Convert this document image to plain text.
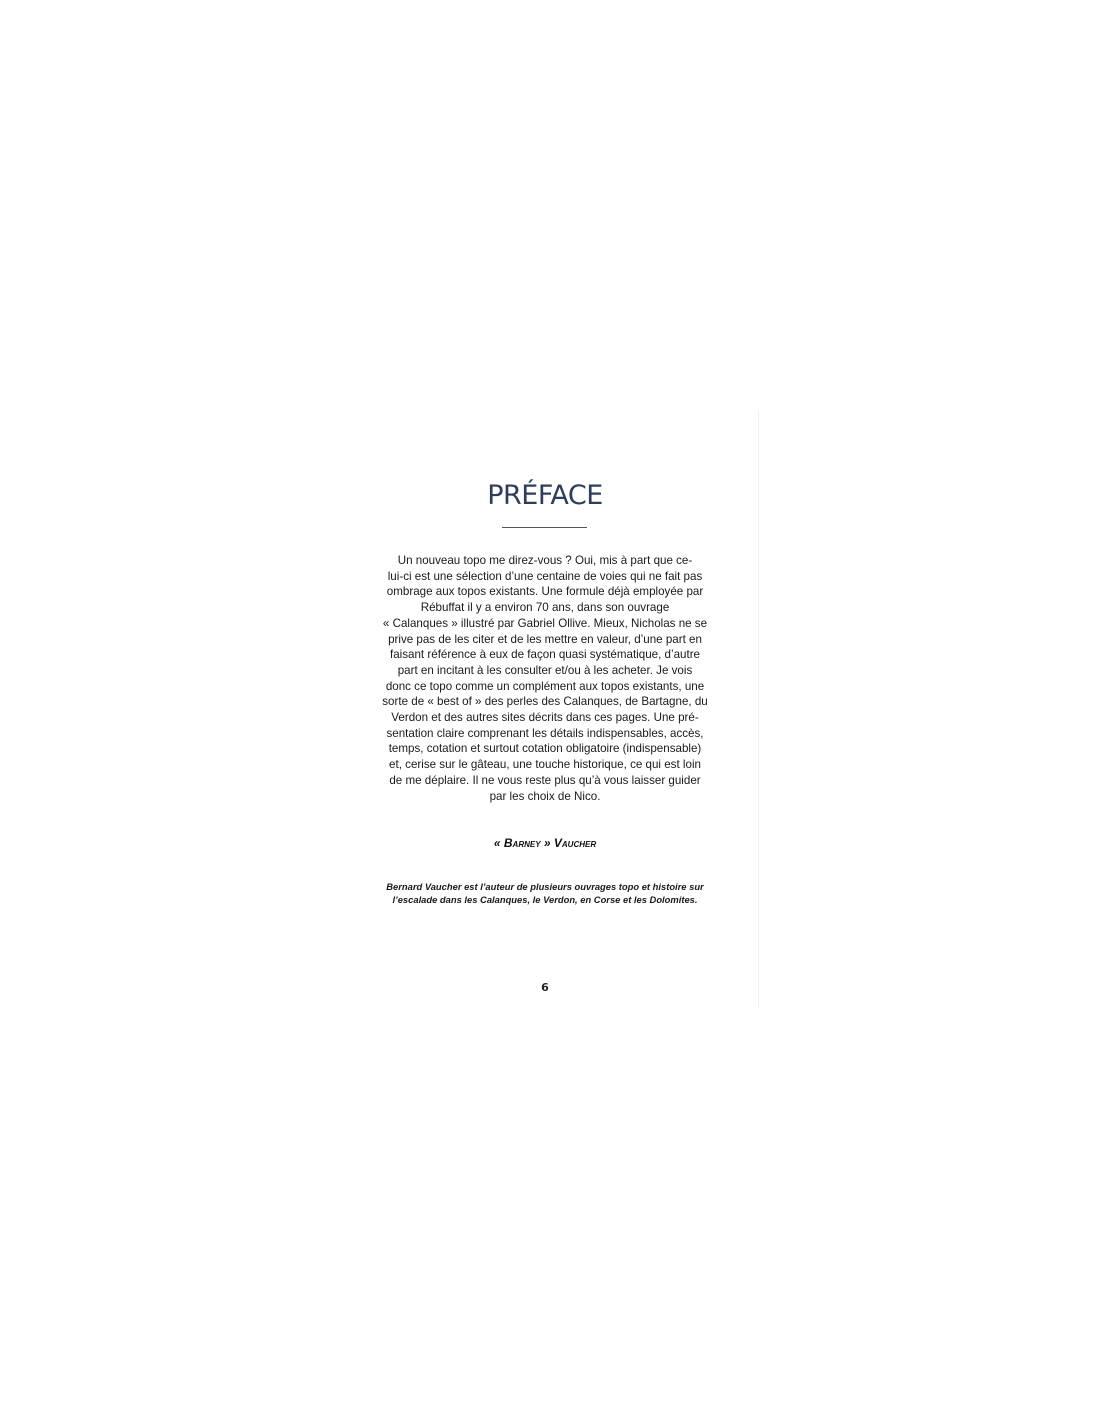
PRÉFACE
Un nouveau topo me direz-vous ? Oui, mis à part que ce-
lui-ci est une sélection d’une centaine de voies qui ne fait pas
ombrage aux topos existants. Une formule déjà employée par
Rébuffat il y a environ 70 ans, dans son ouvrage
« Calanques » illustré par Gabriel Ollive. Mieux, Nicholas ne se
prive pas de les citer et de les mettre en valeur, d’une part en
faisant référence à eux de façon quasi systématique, d’autre
part en incitant à les consulter et/ou à les acheter. Je vois
donc ce topo comme un complément aux topos existants, une
sorte de « best of » des perles des Calanques, de Bartagne, du
Verdon et des autres sites décrits dans ces pages. Une pré-
sentation claire comprenant les détails indispensables, accès,
temps, cotation et surtout cotation obligatoire (indispensable)
et, cerise sur le gâteau, une touche historique, ce qui est loin
de me déplaire. Il ne vous reste plus qu’à vous laisser guider
par les choix de Nico.
« Barney » Vaucher
Bernard Vaucher est l’auteur de plusieurs ouvrages topo et histoire sur
l’escalade dans les Calanques, le Verdon, en Corse et les Dolomites.
6
